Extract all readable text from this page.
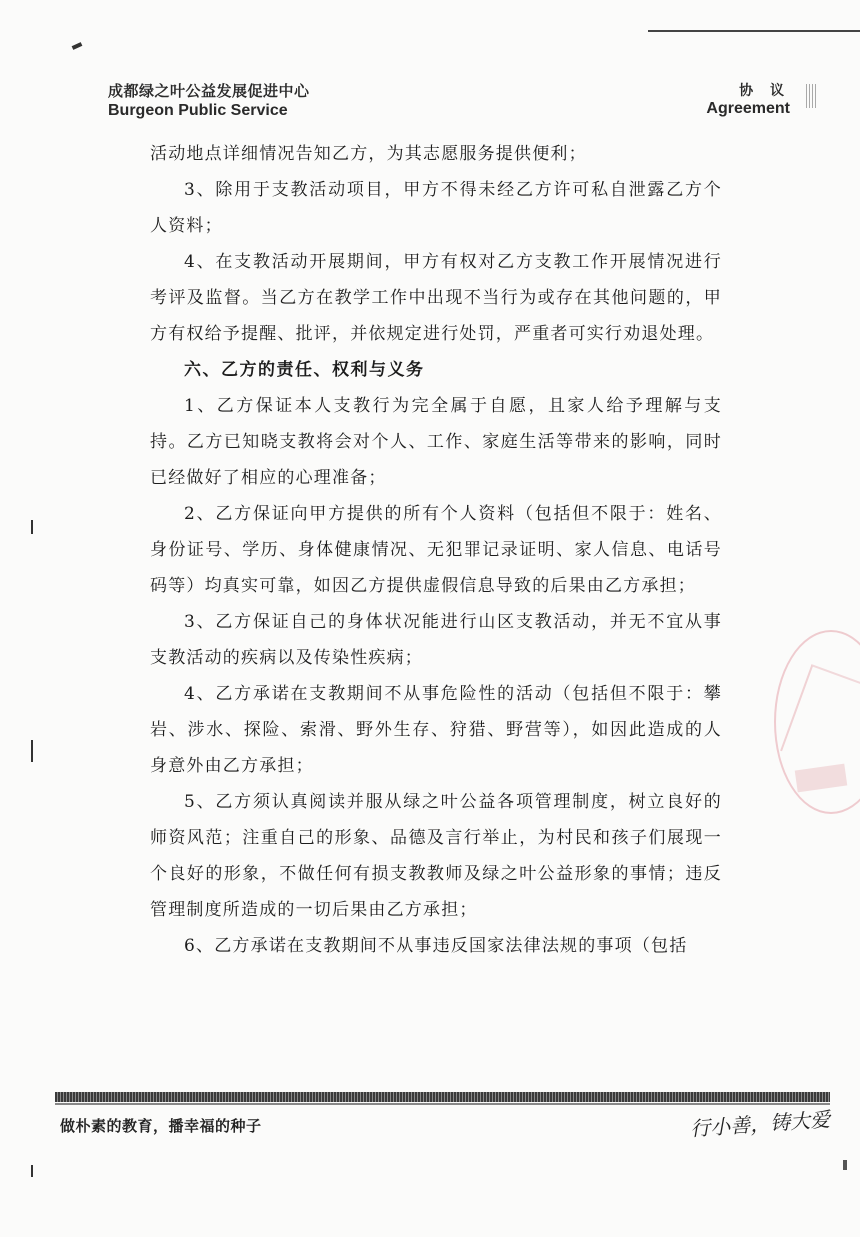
成都绿之叶公益发展促进中心
Burgeon Public Service
协 议
Agreement

活动地点详细情况告知乙方，为其志愿服务提供便利；

3、除用于支教活动项目，甲方不得未经乙方许可私自泄露乙方个人资料；

4、在支教活动开展期间，甲方有权对乙方支教工作开展情况进行考评及监督。当乙方在教学工作中出现不当行为或存在其他问题的，甲方有权给予提醒、批评，并依规定进行处罚，严重者可实行劝退处理。

六、乙方的责任、权利与义务

1、乙方保证本人支教行为完全属于自愿，且家人给予理解与支持。乙方已知晓支教将会对个人、工作、家庭生活等带来的影响，同时已经做好了相应的心理准备；

2、乙方保证向甲方提供的所有个人资料（包括但不限于：姓名、身份证号、学历、身体健康情况、无犯罪记录证明、家人信息、电话号码等）均真实可靠，如因乙方提供虚假信息导致的后果由乙方承担；

3、乙方保证自己的身体状况能进行山区支教活动，并无不宜从事支教活动的疾病以及传染性疾病；

4、乙方承诺在支教期间不从事危险性的活动（包括但不限于：攀岩、涉水、探险、索滑、野外生存、狩猎、野营等），如因此造成的人身意外由乙方承担；

5、乙方须认真阅读并服从绿之叶公益各项管理制度，树立良好的师资风范；注重自己的形象、品德及言行举止，为村民和孩子们展现一个良好的形象，不做任何有损支教教师及绿之叶公益形象的事情；违反管理制度所造成的一切后果由乙方承担；

6、乙方承诺在支教期间不从事违反国家法律法规的事项（包括

做朴素的教育，播幸福的种子	行小善，铸大爱
